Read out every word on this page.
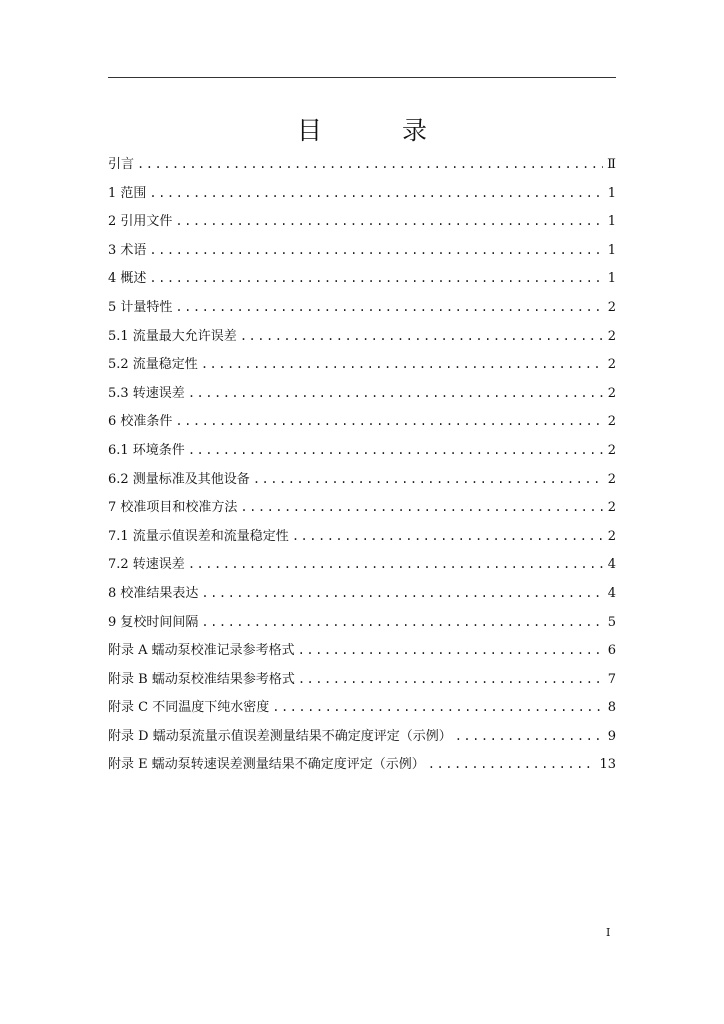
目 录
引言 .....	Ⅱ
1 范围 .....	1
2 引用文件 .....	1
3 术语 .....	1
4 概述 .....	1
5 计量特性 .....	2
5.1 流量最大允许误差 .....	2
5.2 流量稳定性 .....	2
5.3 转速误差 .....	2
6 校准条件 .....	2
6.1 环境条件 .....	2
6.2 测量标准及其他设备 .....	2
7 校准项目和校准方法 .....	2
7.1 流量示值误差和流量稳定性 .....	2
7.2 转速误差 .....	4
8 校准结果表达 .....	4
9 复校时间间隔 .....	5
附录 A 蠕动泵校准记录参考格式 .....	6
附录 B 蠕动泵校准结果参考格式 .....	7
附录 C 不同温度下纯水密度 .....	8
附录 D 蠕动泵流量示值误差测量结果不确定度评定（示例） .....	9
附录 E 蠕动泵转速误差测量结果不确定度评定（示例） .....	13
I
